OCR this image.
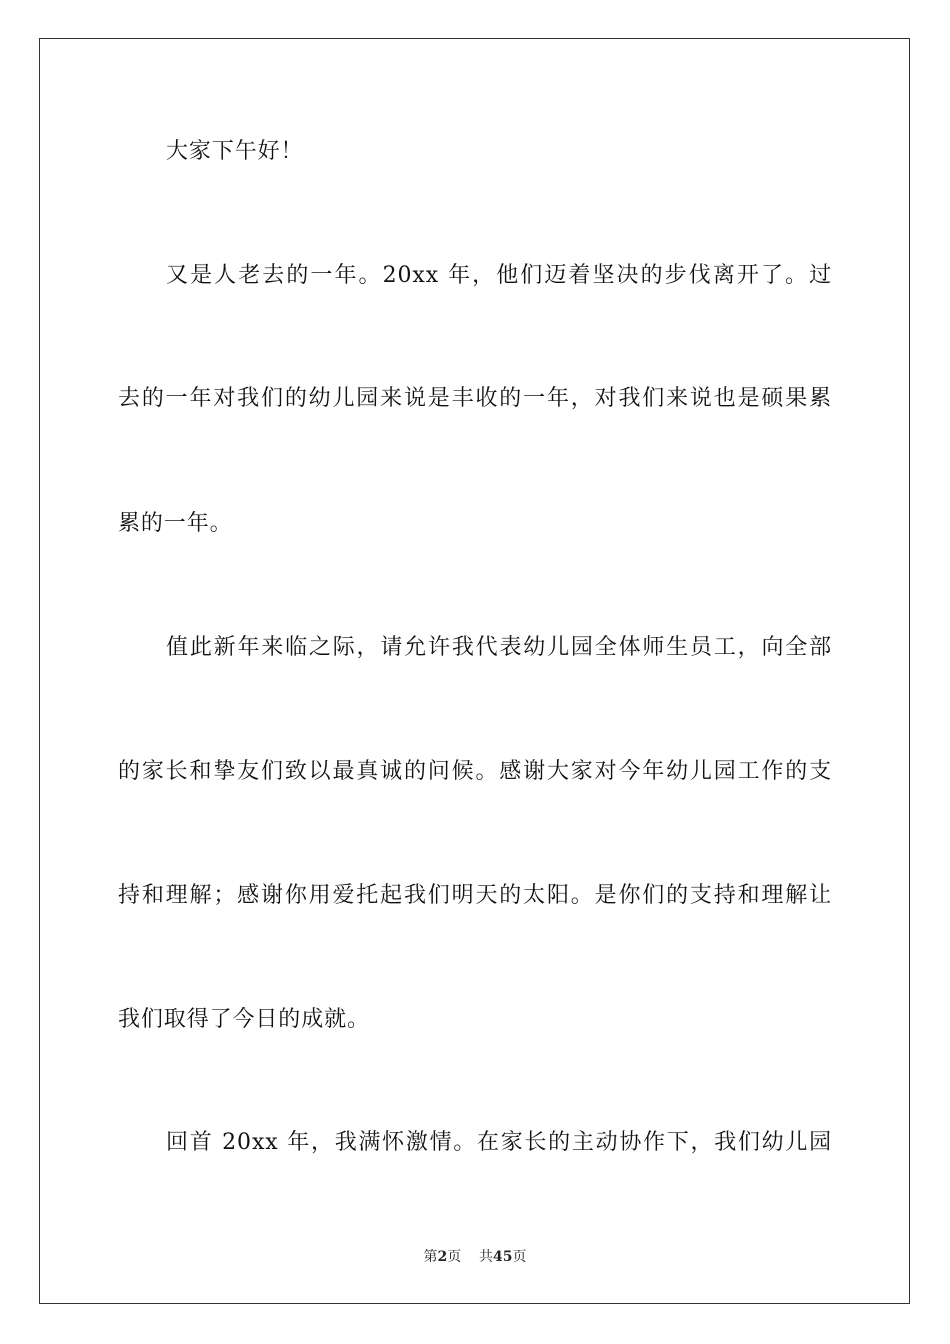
大家下午好！
又是人老去的一年。20xx 年，他们迈着坚决的步伐离开了。过
去的一年对我们的幼儿园来说是丰收的一年，对我们来说也是硕果累
累的一年。
值此新年来临之际，请允许我代表幼儿园全体师生员工，向全部
的家长和挚友们致以最真诚的问候。感谢大家对今年幼儿园工作的支
持和理解；感谢你用爱托起我们明天的太阳。是你们的支持和理解让
我们取得了今日的成就。
回首 20xx 年，我满怀激情。在家长的主动协作下，我们幼儿园
第2页 共45页
